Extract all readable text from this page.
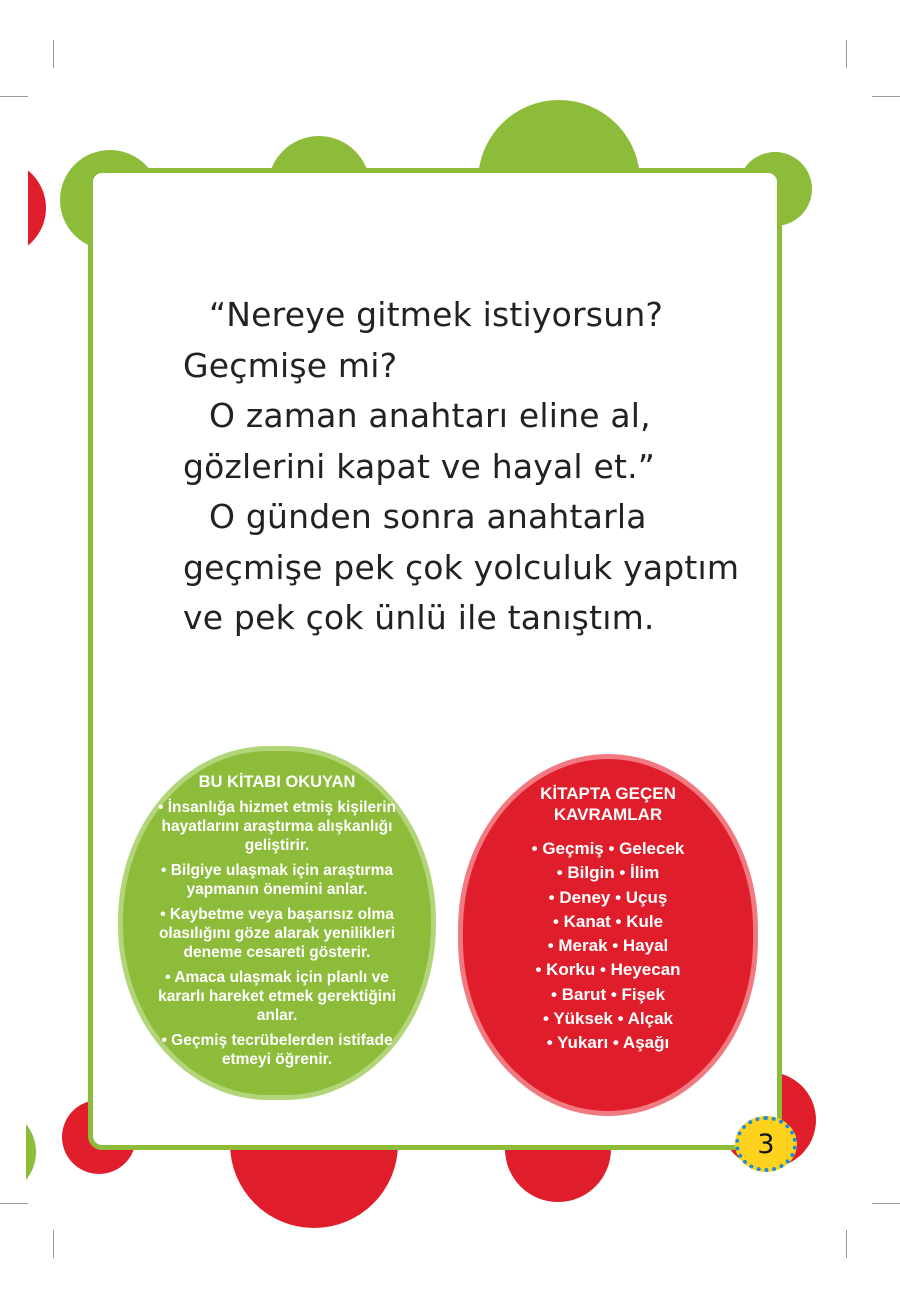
“Nereye gitmek istiyorsun?

Geçmişe mi?

O zaman anahtarı eline al,

gözlerini kapat ve hayal et.”

O günden sonra anahtarla

geçmişe pek çok yolculuk yaptım

ve pek çok ünlü ile tanıştım.

BU KİTABI OKUYAN
• İnsanlığa hizmet etmiş kişilerin hayatlarını araştırma alışkanlığı geliştirir.
• Bilgiye ulaşmak için araştırma yapmanın önemini anlar.
• Kaybetme veya başarısız olma olasılığını göze alarak yenilikleri deneme cesareti gösterir.
• Amaca ulaşmak için planlı ve kararlı hareket etmek gerektiğini anlar.
• Geçmiş tecrübelerden istifade etmeyi öğrenir.
KİTAPTA GEÇEN KAVRAMLAR
• Geçmiş • Gelecek
• Bilgin • İlim
• Deney • Uçuş
• Kanat • Kule
• Merak • Hayal
• Korku • Heyecan
• Barut • Fişek
• Yüksek • Alçak
• Yukarı • Aşağı
3
